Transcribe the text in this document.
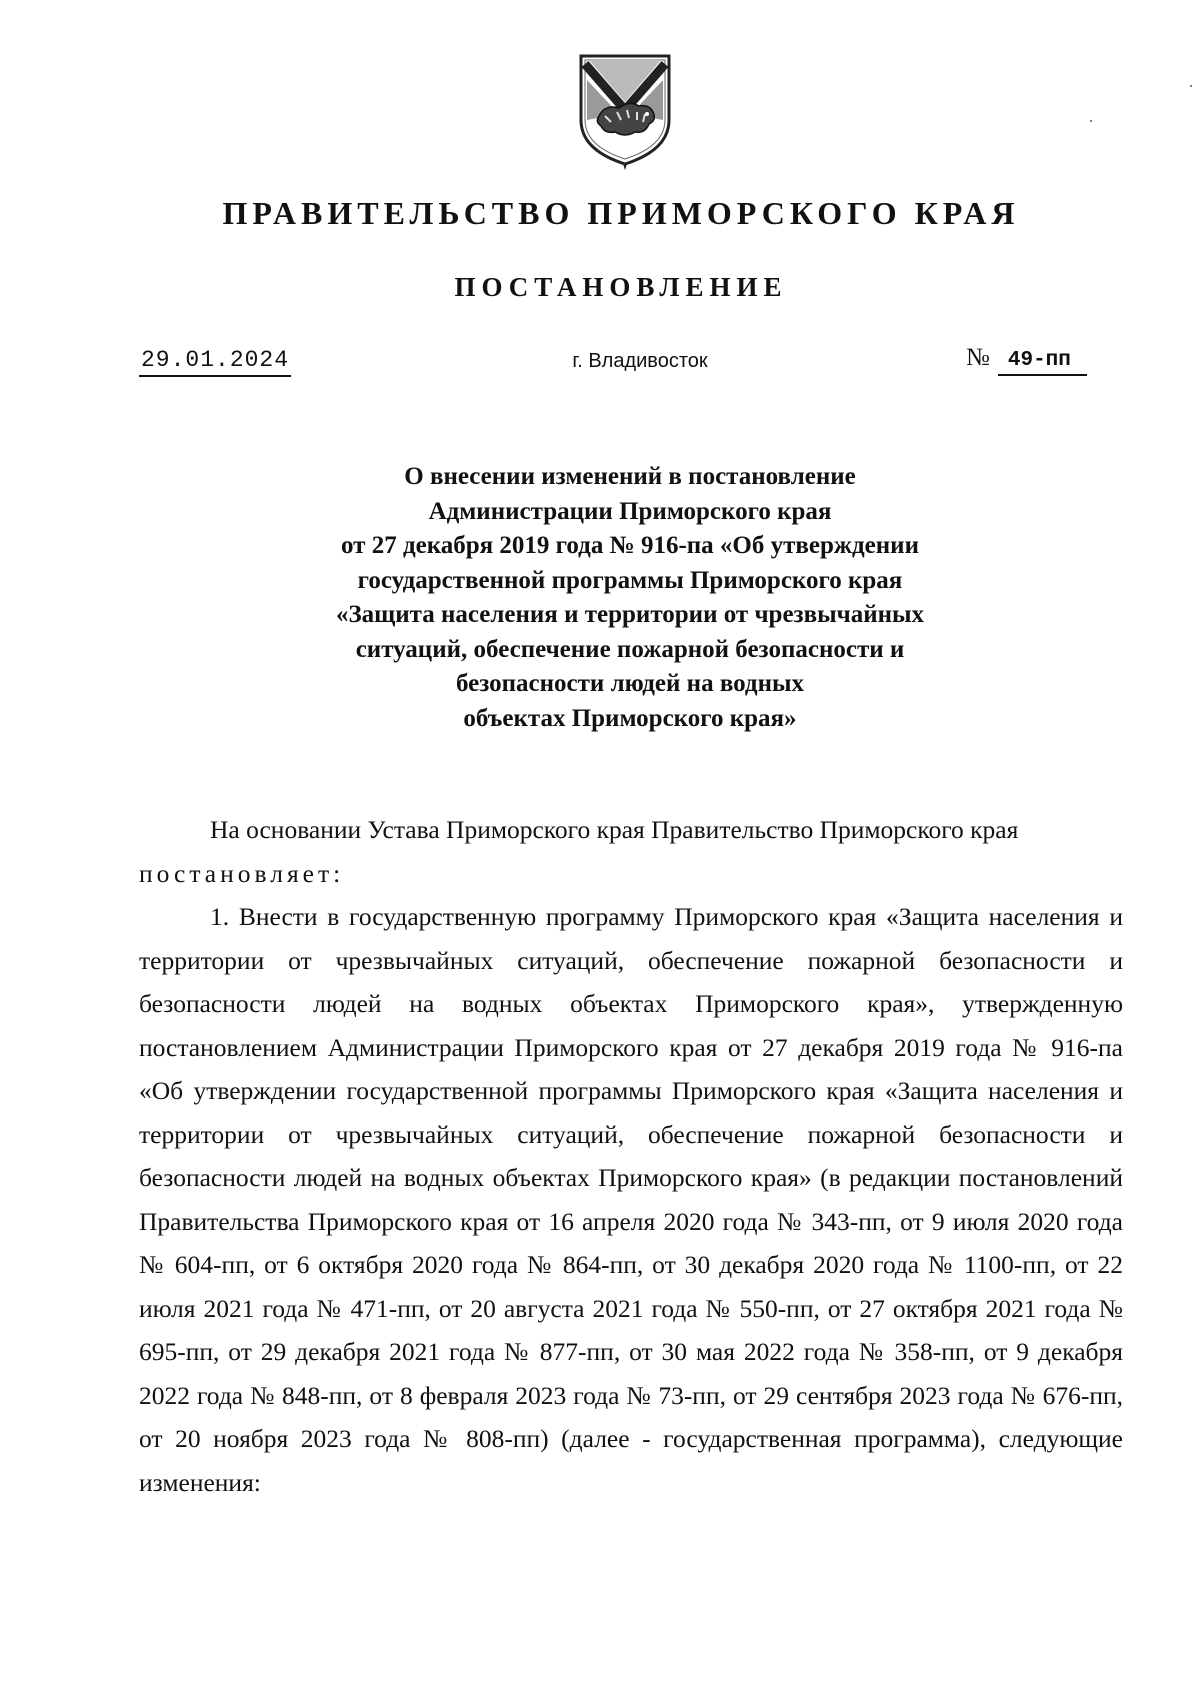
ПРАВИТЕЛЬСТВО ПРИМОРСКОГО КРАЯ
ПОСТАНОВЛЕНИЕ
29.01.2024	г. Владивосток	№ 49-пп
О внесении изменений в постановление
Администрации Приморского края
от 27 декабря 2019 года № 916-па «Об утверждении
государственной программы Приморского края
«Защита населения и территории от чрезвычайных
ситуаций, обеспечение пожарной безопасности и
безопасности людей на водных
объектах Приморского края»

На основании Устава Приморского края Правительство Приморского края

постановляет:

1. Внести в государственную программу Приморского края «Защита населения и территории от чрезвычайных ситуаций, обеспечение пожарной безопасности и безопасности людей на водных объектах Приморского края», утвержденную постановлением Администрации Приморского края от 27 декабря 2019 года № 916-па «Об утверждении государственной программы Приморского края «Защита населения и территории от чрезвычайных ситуаций, обеспечение пожарной безопасности и безопасности людей на водных объектах Приморского края» (в редакции постановлений Правительства Приморского края от 16 апреля 2020 года № 343-пп, от 9 июля 2020 года № 604-пп, от 6 октября 2020 года № 864-пп, от 30 декабря 2020 года № 1100-пп, от 22 июля 2021 года № 471-пп, от 20 августа 2021 года № 550-пп, от 27 октября 2021 года № 695-пп, от 29 декабря 2021 года № 877-пп, от 30 мая 2022 года № 358-пп, от 9 декабря 2022 года № 848-пп, от 8 февраля 2023 года № 73-пп, от 29 сентября 2023 года № 676-пп, от 20 ноября 2023 года № 808-пп) (далее - государственная программа), следующие изменения:
